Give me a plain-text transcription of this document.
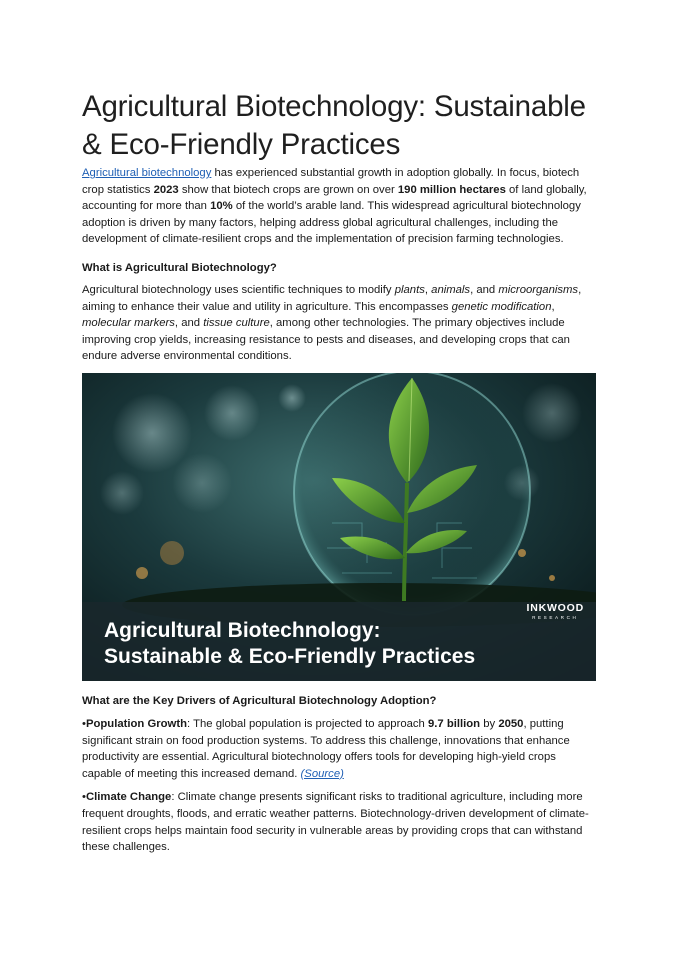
Agricultural Biotechnology: Sustainable
& Eco-Friendly Practices

Agricultural biotechnology has experienced substantial growth in adoption globally. In focus, biotech crop statistics 2023 show that biotech crops are grown on over 190 million hectares of land globally, accounting for more than 10% of the world’s arable land. This widespread agricultural biotechnology adoption is driven by many factors, helping address global agricultural challenges, including the development of climate-resilient crops and the implementation of precision farming technologies.

What is Agricultural Biotechnology?

Agricultural biotechnology uses scientific techniques to modify plants, animals, and microorganisms, aiming to enhance their value and utility in agriculture. This encompasses genetic modification, molecular markers, and tissue culture, among other technologies. The primary objectives include improving crop yields, increasing resistance to pests and diseases, and developing crops that can endure adverse environmental conditions.

Agricultural Biotechnology:
Sustainable & Eco-Friendly Practices
INKWOOD
RESEARCH

What are the Key Drivers of Agricultural Biotechnology Adoption?

•Population Growth: The global population is projected to approach 9.7 billion by 2050, putting significant strain on food production systems. To address this challenge, innovations that enhance productivity are essential. Agricultural biotechnology offers tools for developing high-yield crops capable of meeting this increased demand. (Source)

•Climate Change: Climate change presents significant risks to traditional agriculture, including more frequent droughts, floods, and erratic weather patterns. Biotechnology-driven development of climate-resilient crops helps maintain food security in vulnerable areas by providing crops that can withstand these challenges.
